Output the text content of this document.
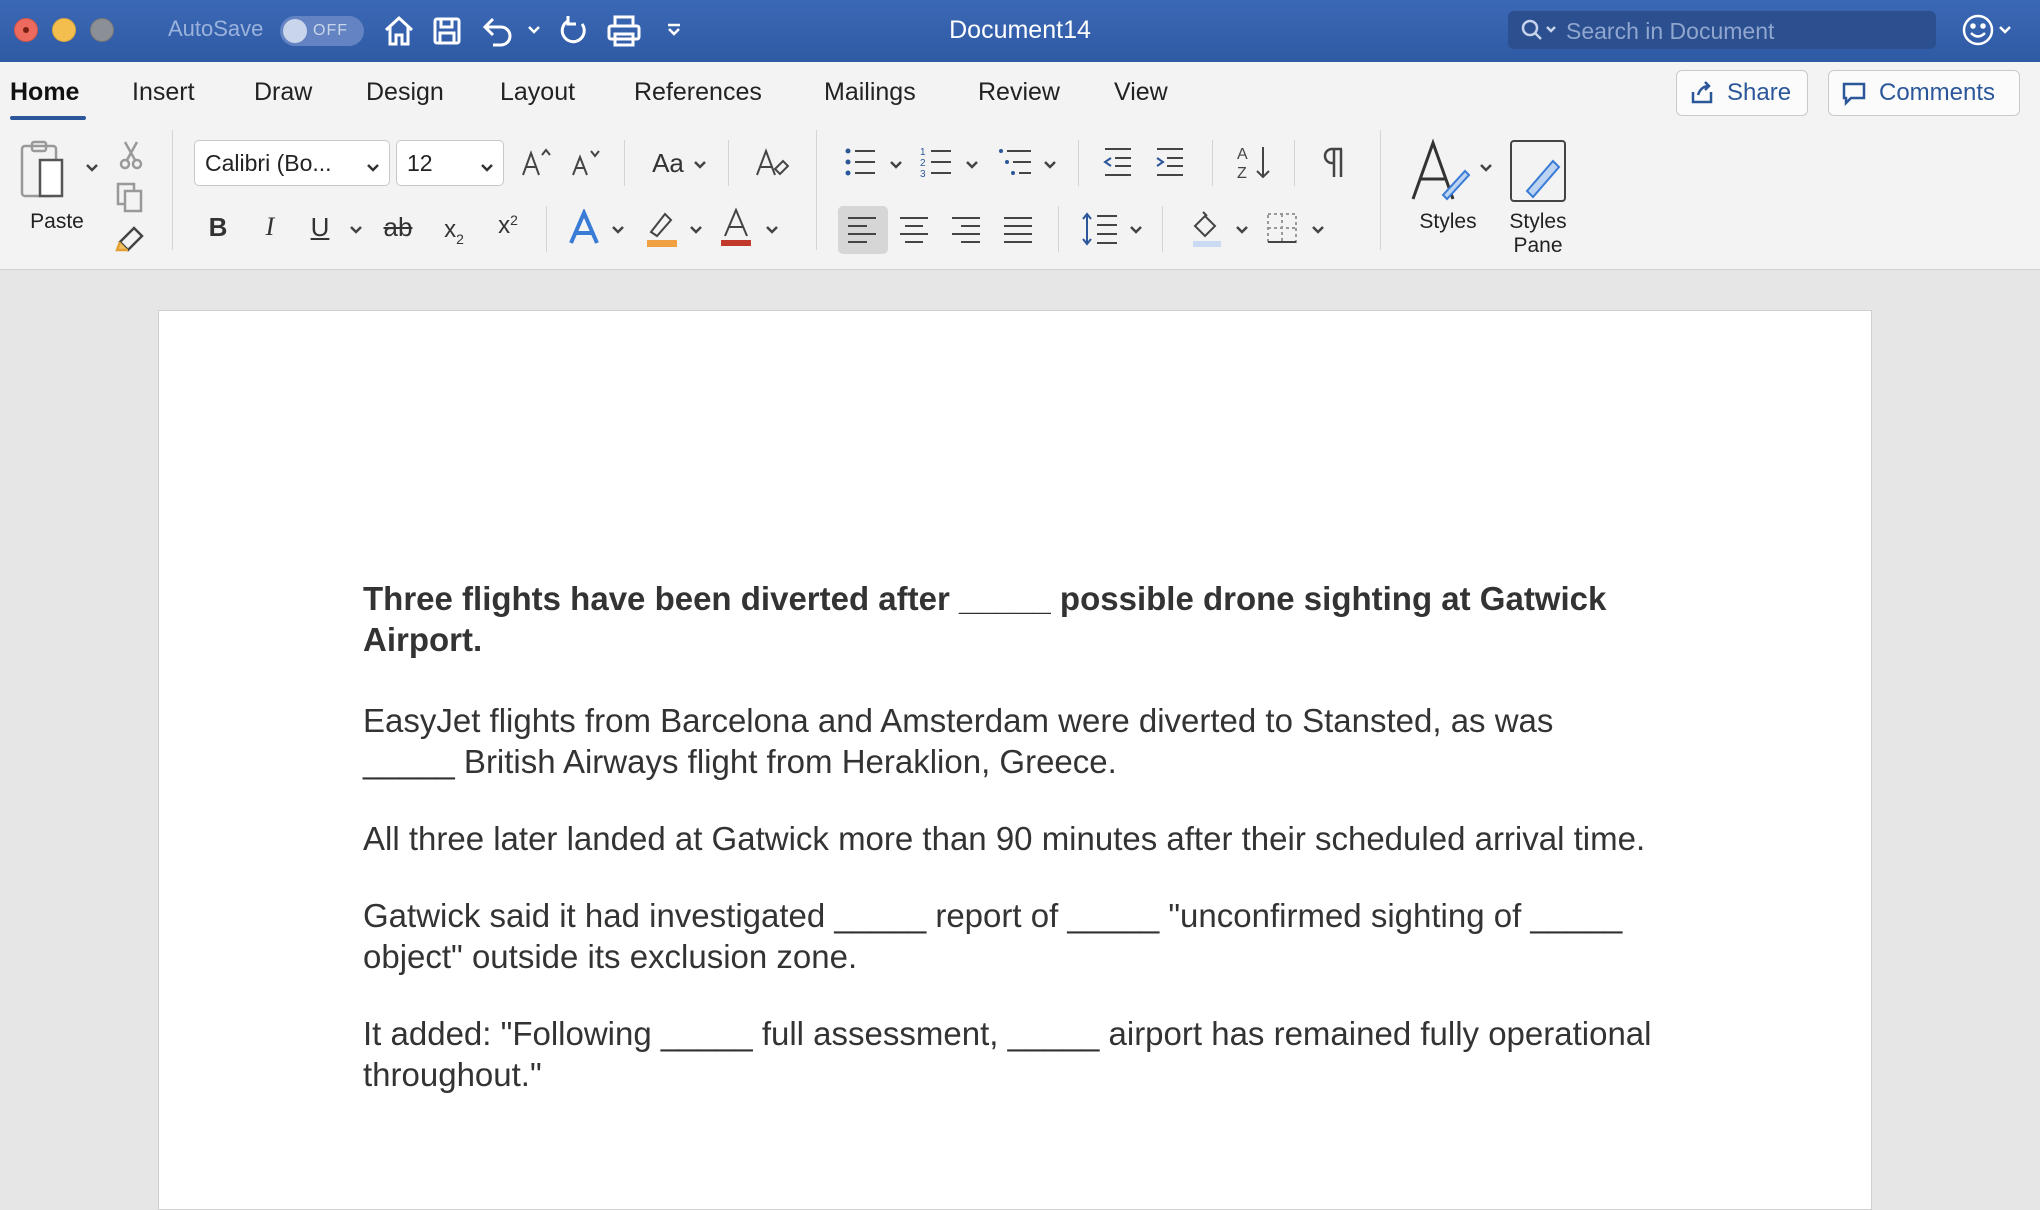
AutoSave	OFF	Document14
Search in Document
Home Insert Draw Design Layout References Mailings Review View	Share	Comments
Paste
Calibri (Bo...	12	Aa
B	I	U ab x 2 x 2
1
2
3
A
Z
Styles	Styles
Pane

Three flights have been diverted after _____ possible drone sighting at Gatwick Airport.

EasyJet flights from Barcelona and Amsterdam were diverted to Stansted, as was _____ British Airways flight from Heraklion, Greece.

All three later landed at Gatwick more than 90 minutes after their scheduled arrival time.

Gatwick said it had investigated _____ report of _____ "unconfirmed sighting of _____ object" outside its exclusion zone.

It added: "Following _____ full assessment, _____ airport has remained fully operational throughout."
